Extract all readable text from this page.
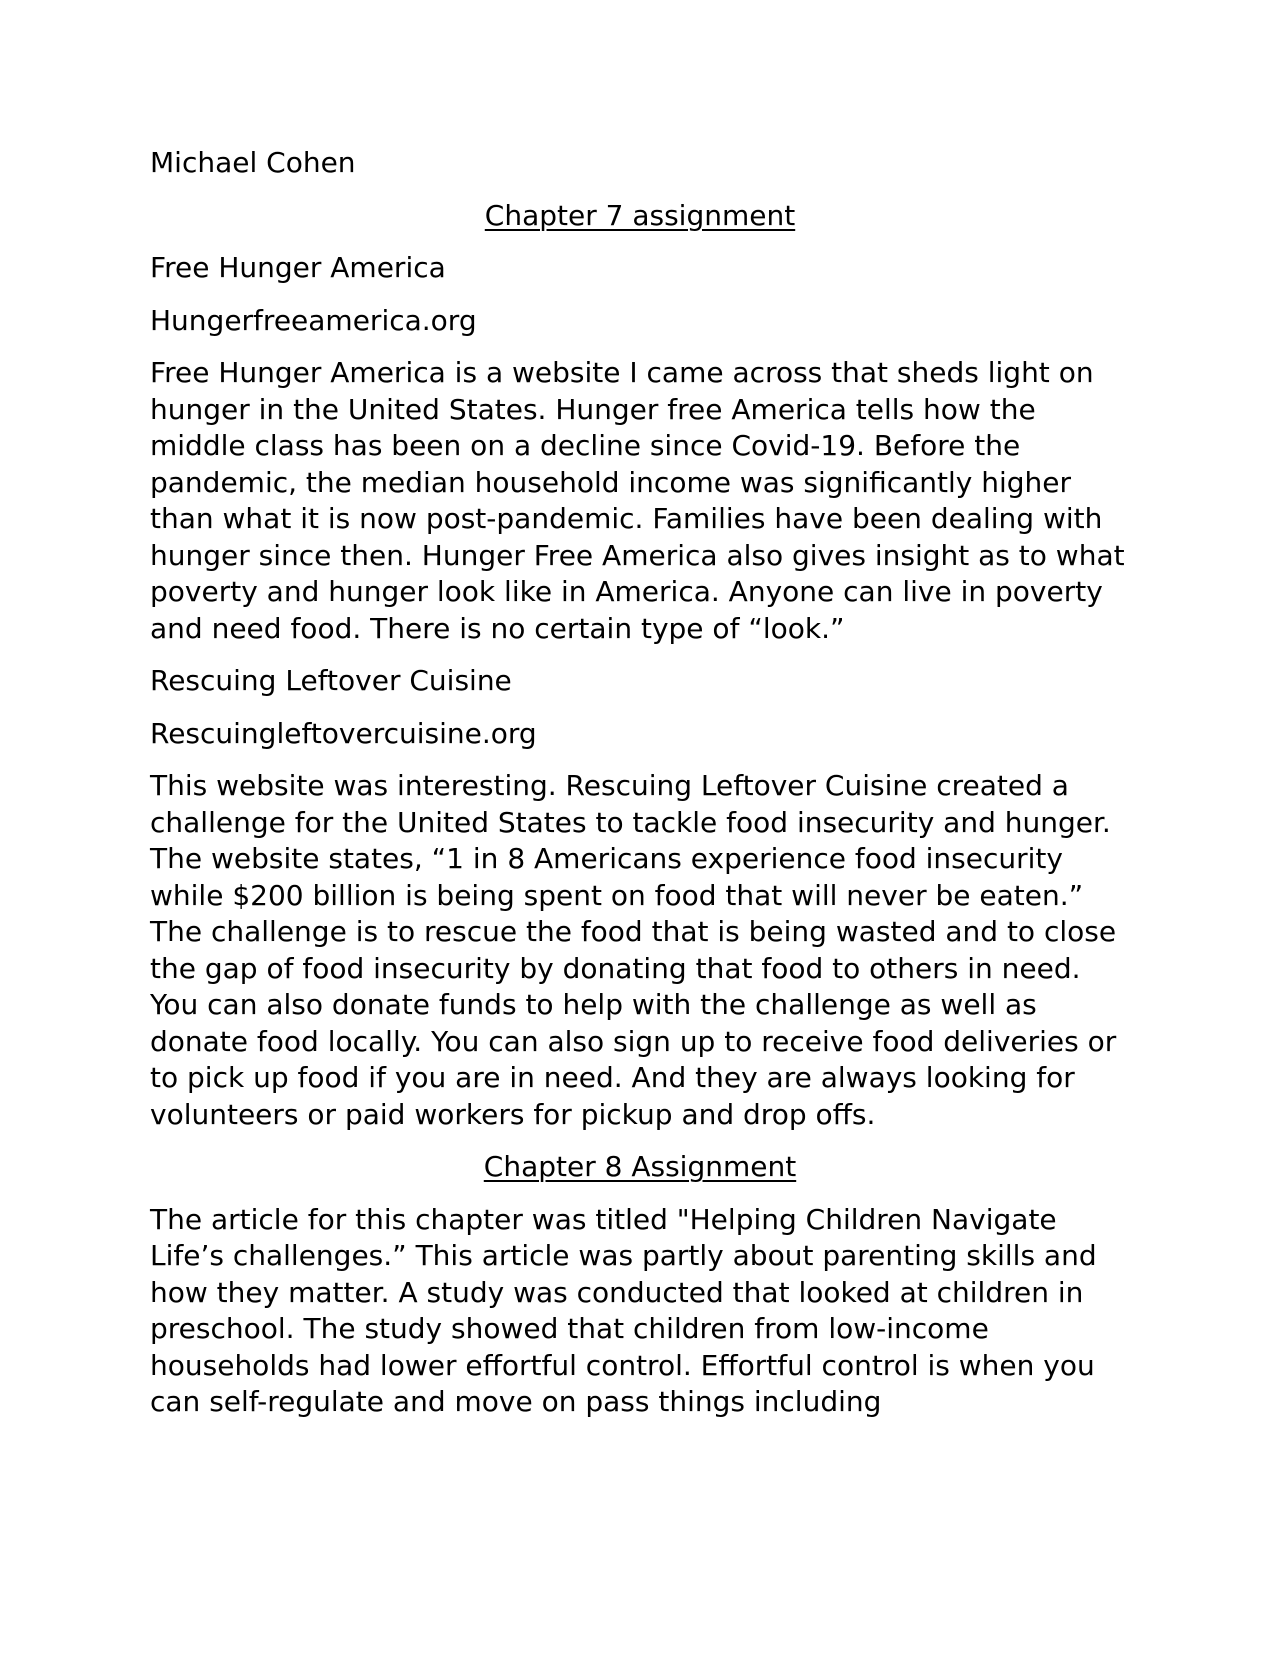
Michael Cohen

Chapter 7 assignment

Free Hunger America

Hungerfreeamerica.org

Free Hunger America is a website I came across that sheds light on hunger in the United States. Hunger free America tells how the middle class has been on a decline since Covid-19. Before the pandemic, the median household income was significantly higher than what it is now post-pandemic. Families have been dealing with hunger since then. Hunger Free America also gives insight as to what poverty and hunger look like in America. Anyone can live in poverty and need food. There is no certain type of “look.”

Rescuing Leftover Cuisine

Rescuingleftovercuisine.org

This website was interesting. Rescuing Leftover Cuisine created a challenge for the United States to tackle food insecurity and hunger. The website states, “1 in 8 Americans experience food insecurity while $200 billion is being spent on food that will never be eaten.” The challenge is to rescue the food that is being wasted and to close the gap of food insecurity by donating that food to others in need. You can also donate funds to help with the challenge as well as donate food locally. You can also sign up to receive food deliveries or to pick up food if you are in need. And they are always looking for volunteers or paid workers for pickup and drop offs.

Chapter 8 Assignment

The article for this chapter was titled "Helping Children Navigate Life’s challenges.” This article was partly about parenting skills and how they matter. A study was conducted that looked at children in preschool. The study showed that children from low-income households had lower effortful control. Effortful control is when you can self-regulate and move on pass things including
